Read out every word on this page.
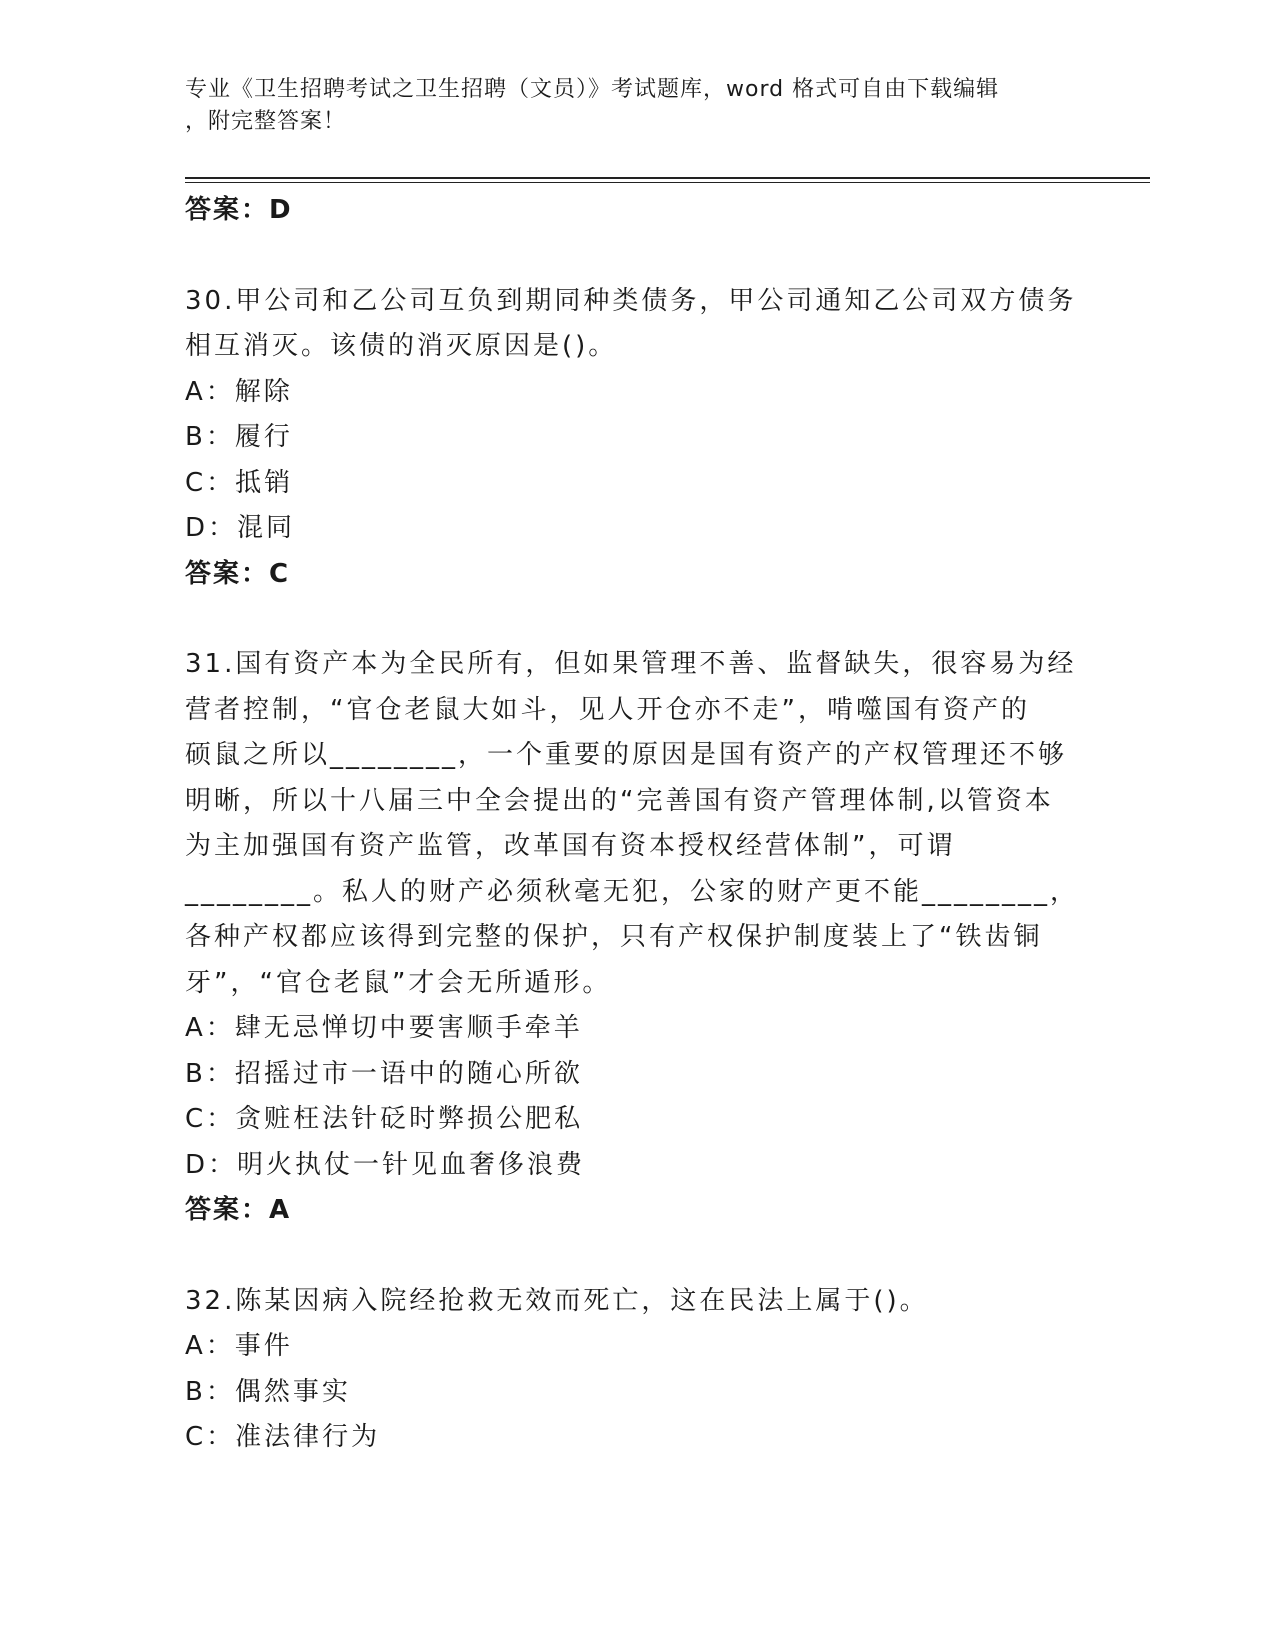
专业《卫生招聘考试之卫生招聘（文员）》考试题库，word 格式可自由下载编辑
，附完整答案！
答案：D
30.甲公司和乙公司互负到期同种类债务，甲公司通知乙公司双方债务
相互消灭。该债的消灭原因是()。
A：解除
B：履行
C：抵销
D：混同
答案：C
31.国有资产本为全民所有，但如果管理不善、监督缺失，很容易为经
营者控制，“官仓老鼠大如斗，见人开仓亦不走”，啃噬国有资产的
硕鼠之所以________，一个重要的原因是国有资产的产权管理还不够
明晰，所以十八届三中全会提出的“完善国有资产管理体制,以管资本
为主加强国有资产监管，改革国有资本授权经营体制”，可谓
________。私人的财产必须秋毫无犯，公家的财产更不能________，
各种产权都应该得到完整的保护，只有产权保护制度装上了“铁齿铜
牙”，“官仓老鼠”才会无所遁形。
A：肆无忌惮切中要害顺手牵羊
B：招摇过市一语中的随心所欲
C：贪赃枉法针砭时弊损公肥私
D：明火执仗一针见血奢侈浪费
答案：A
32.陈某因病入院经抢救无效而死亡，这在民法上属于()。
A：事件
B：偶然事实
C：准法律行为
